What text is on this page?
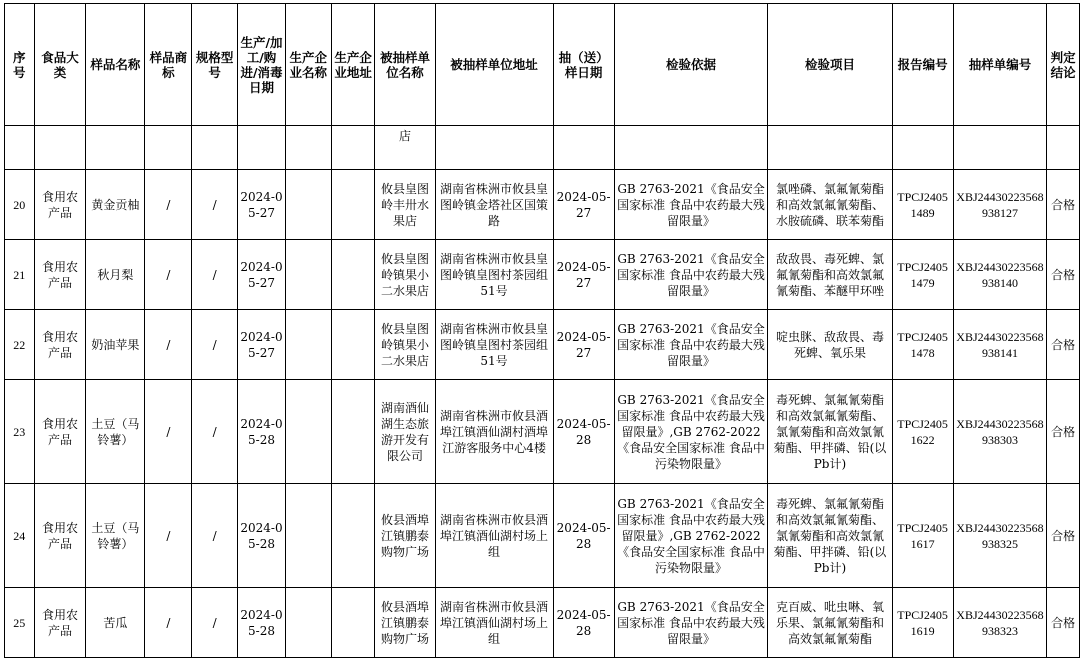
序号	食品大类	样品名称	样品商标	规格型号	生产/加工/购进/消毒日期	生产企业名称	生产企业地址	被抽样单位名称	被抽样单位地址	抽（送）样日期	检验依据	检验项目	报告编号	抽样单编号	判定结论
								店							
20	食用农产品	黄金贡柚	/	/	2024-05-27			攸县皇图岭丰卅水果店	湖南省株洲市攸县皇图岭镇金塔社区国策路	2024-05-27	GB 2763-2021《食品安全国家标准 食品中农药最大残留限量》	氯唑磷、氯氟氰菊酯和高效氯氟氰菊酯、水胺硫磷、联苯菊酯	TPCJ24051489	XBJ24430223568938127	合格
21	食用农产品	秋月梨	/	/	2024-05-27			攸县皇图岭镇果小二水果店	湖南省株洲市攸县皇图岭镇皇图村茶园组51号	2024-05-27	GB 2763-2021《食品安全国家标准 食品中农药最大残留限量》	敌敌畏、毒死蜱、氯氟氰菊酯和高效氯氟氰菊酯、苯醚甲环唑	TPCJ24051479	XBJ24430223568938140	合格
22	食用农产品	奶油苹果	/	/	2024-05-27			攸县皇图岭镇果小二水果店	湖南省株洲市攸县皇图岭镇皇图村茶园组51号	2024-05-27	GB 2763-2021《食品安全国家标准 食品中农药最大残留限量》	啶虫脒、敌敌畏、毒死蜱、氧乐果	TPCJ24051478	XBJ24430223568938141	合格
23	食用农产品	土豆（马铃薯）	/	/	2024-05-28			湖南酒仙湖生态旅游开发有限公司	湖南省株洲市攸县酒埠江镇酒仙湖村酒埠江游客服务中心4楼	2024-05-28	GB 2763-2021《食品安全国家标准 食品中农药最大残留限量》,GB 2762-2022《食品安全国家标准 食品中污染物限量》	毒死蜱、氯氟氰菊酯和高效氯氟氰菊酯、氯氰菊酯和高效氯氰菊酯、甲拌磷、铅(以Pb计)	TPCJ24051622	XBJ24430223568938303	合格
24	食用农产品	土豆（马铃薯）	/	/	2024-05-28			攸县酒埠江镇鹏泰购物广场	湖南省株洲市攸县酒埠江镇酒仙湖村场上组	2024-05-28	GB 2763-2021《食品安全国家标准 食品中农药最大残留限量》,GB 2762-2022《食品安全国家标准 食品中污染物限量》	毒死蜱、氯氟氰菊酯和高效氯氟氰菊酯、氯氰菊酯和高效氯氰菊酯、甲拌磷、铅(以Pb计)	TPCJ24051617	XBJ24430223568938325	合格
25	食用农产品	苦瓜	/	/	2024-05-28			攸县酒埠江镇鹏泰购物广场	湖南省株洲市攸县酒埠江镇酒仙湖村场上组	2024-05-28	GB 2763-2021《食品安全国家标准 食品中农药最大残留限量》	克百威、吡虫啉、氧乐果、氯氟氰菊酯和高效氯氟氰菊酯	TPCJ24051619	XBJ24430223568938323	合格
